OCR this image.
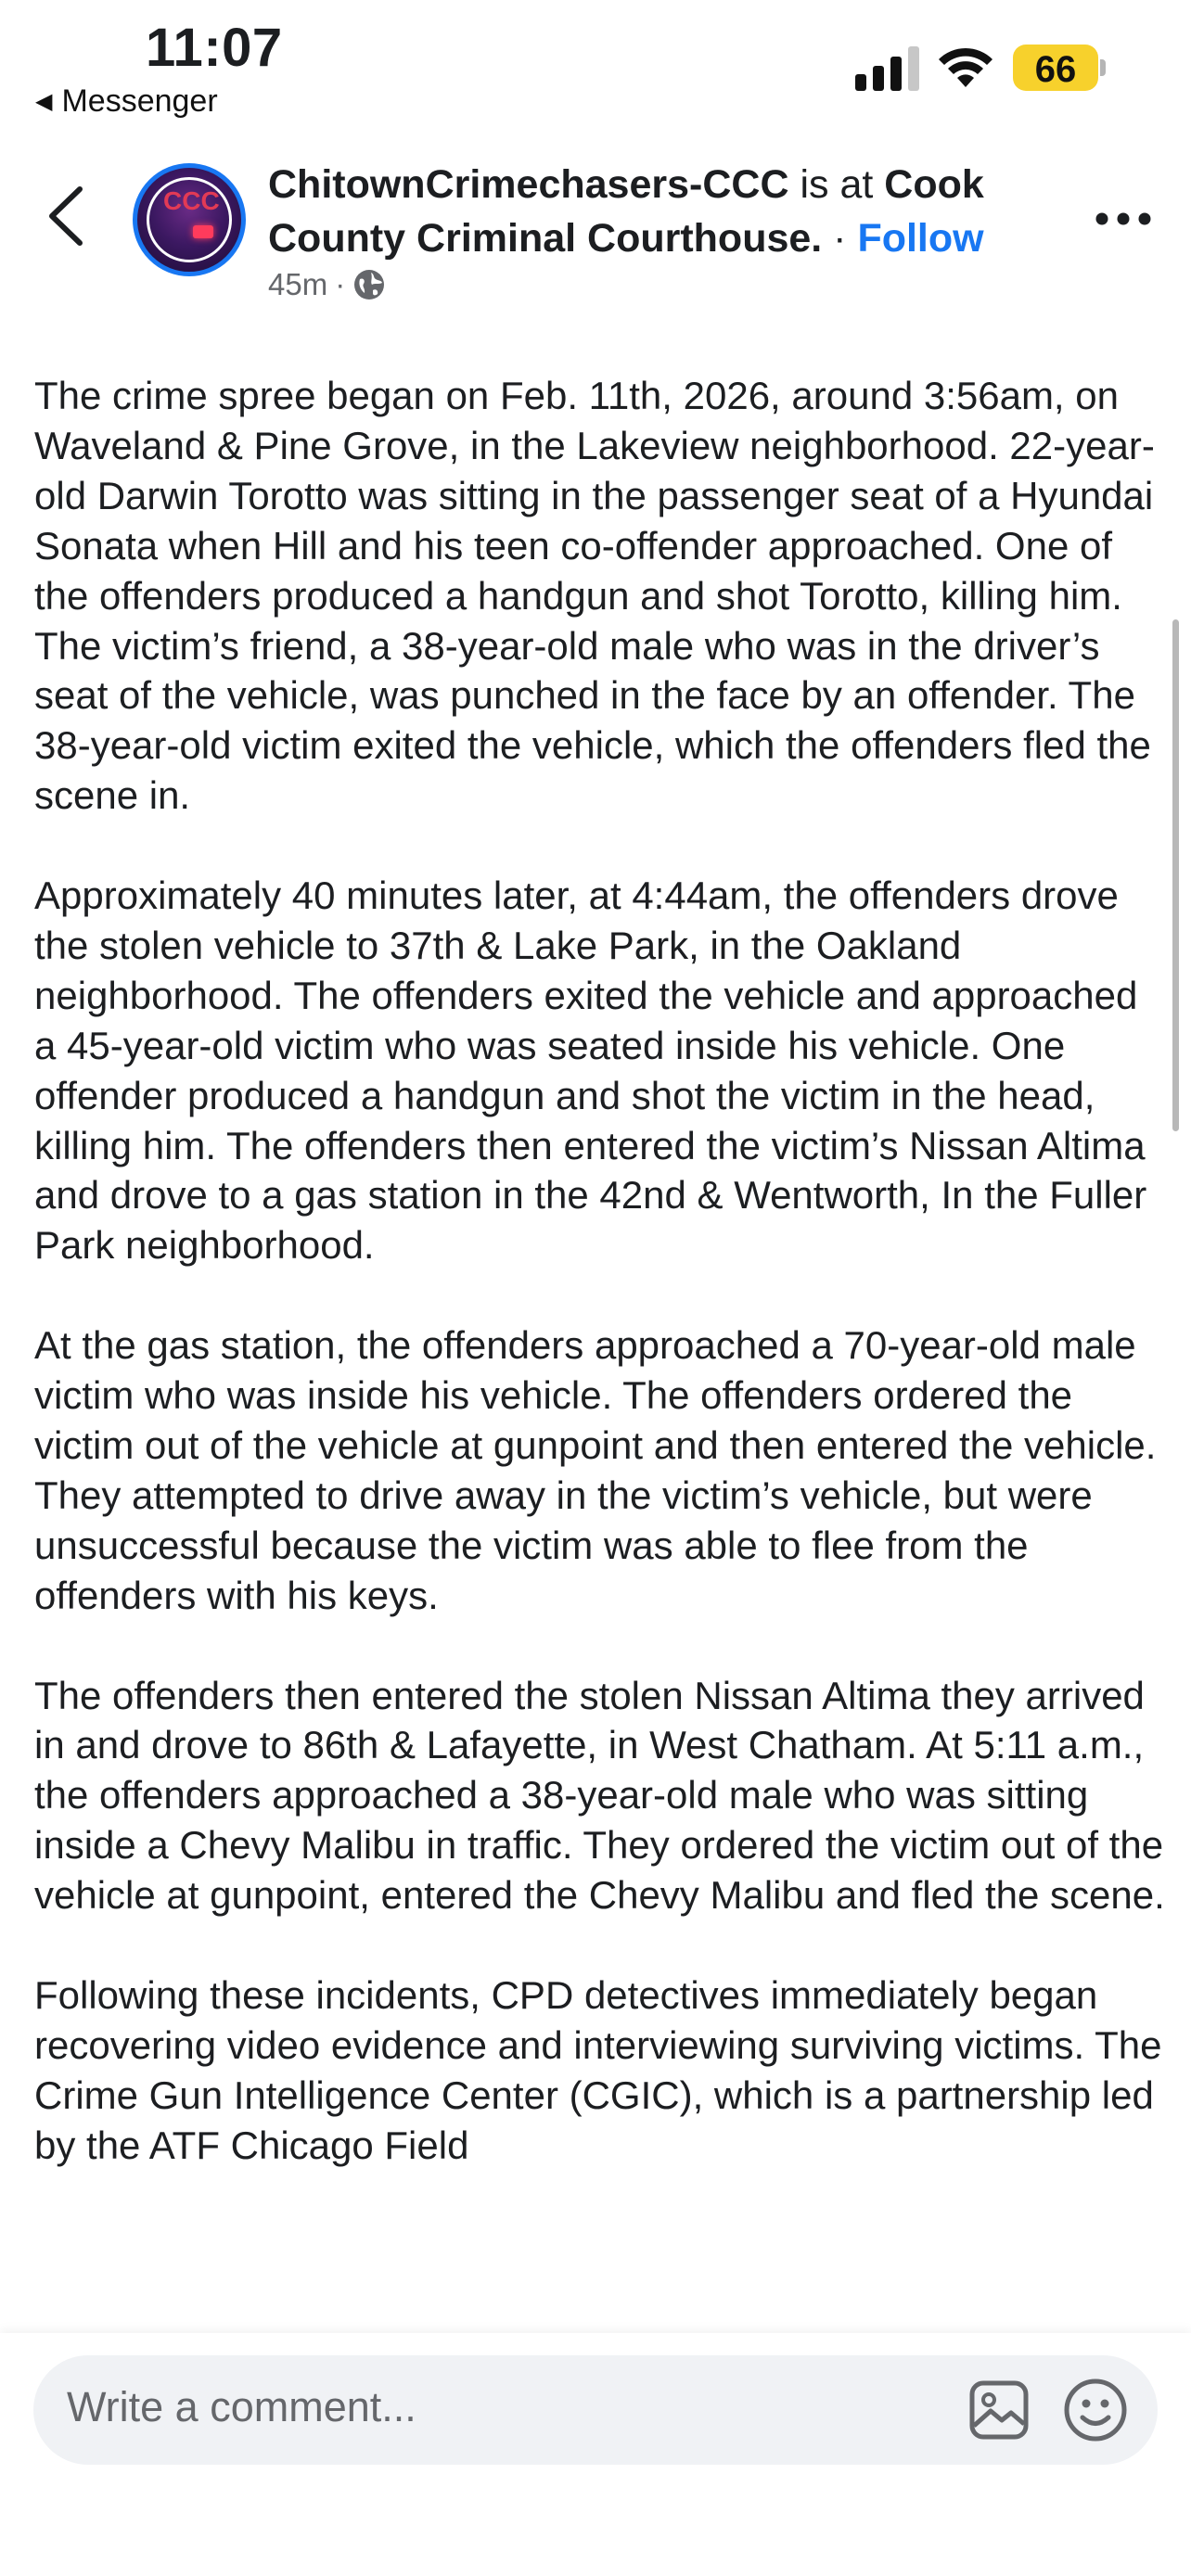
11:07
◀ Messenger
66
CCC ChitownCrimechasers-CCC is at Cook County Criminal Courthouse. · Follow
45m ·

The crime spree began on Feb. 11th, 2026, around 3:56am, on Waveland & Pine Grove, in the Lakeview neighborhood. 22-year-old Darwin Torotto was sitting in the passenger seat of a Hyundai Sonata when Hill and his teen co-offender approached. One of the offenders produced a handgun and shot Torotto, killing him. The victim’s friend, a 38-year-old male who was in the driver’s seat of the vehicle, was punched in the face by an offender. The 38-year-old victim exited the vehicle, which the offenders fled the scene in.

Approximately 40 minutes later, at 4:44am, the offenders drove the stolen vehicle to 37th & Lake Park, in the Oakland neighborhood. The offenders exited the vehicle and approached a 45-year-old victim who was seated inside his vehicle. One offender produced a handgun and shot the victim in the head, killing him. The offenders then entered the victim’s Nissan Altima and drove to a gas station in the 42nd & Wentworth, In the Fuller Park neighborhood.

At the gas station, the offenders approached a 70-year-old male victim who was inside his vehicle. The offenders ordered the victim out of the vehicle at gunpoint and then entered the vehicle. They attempted to drive away in the victim’s vehicle, but were unsuccessful because the victim was able to flee from the offenders with his keys.

The offenders then entered the stolen Nissan Altima they arrived in and drove to 86th & Lafayette, in West Chatham. At 5:11 a.m., the offenders approached a 38-year-old male who was sitting inside a Chevy Malibu in traffic. They ordered the victim out of the vehicle at gunpoint, entered the Chevy Malibu and fled the scene.

Following these incidents, CPD detectives immediately began recovering video evidence and interviewing surviving victims. The Crime Gun Intelligence Center (CGIC), which is a partnership led by the ATF Chicago Field

Write a comment...
